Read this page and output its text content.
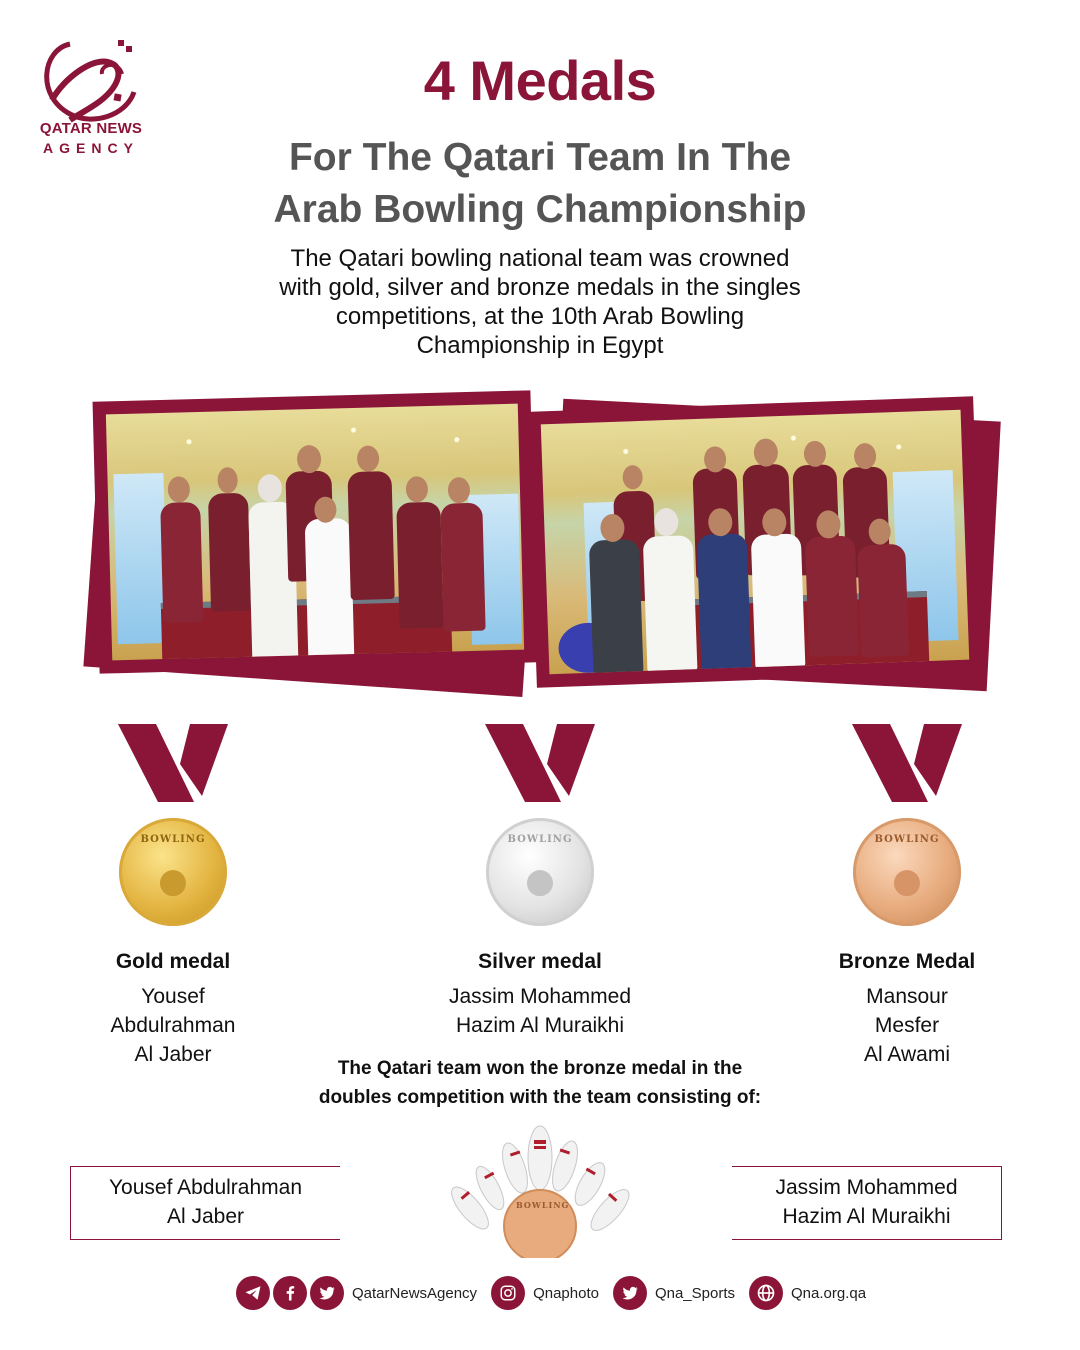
QATAR NEWS
AGENCY
4 Medals
For The Qatari Team In The
Arab Bowling Championship
The Qatari bowling national team was crowned
with gold, silver and bronze medals in the singles
competitions, at the 10th Arab Bowling
Championship in Egypt
BOWLING
●
Gold medal
Yousef
Abdulrahman
Al Jaber
BOWLING
●
Silver medal
Jassim Mohammed
Hazim Al Muraikhi
BOWLING
●
Bronze Medal
Mansour
Mesfer
Al Awami
The Qatari team won the bronze medal in the
doubles competition with the team consisting of:
Yousef Abdulrahman
Al Jaber
Jassim Mohammed
Hazim Al Muraikhi
BOWLING
QatarNewsAgency	Qnaphoto	Qna_Sports	Qna.org.qa
